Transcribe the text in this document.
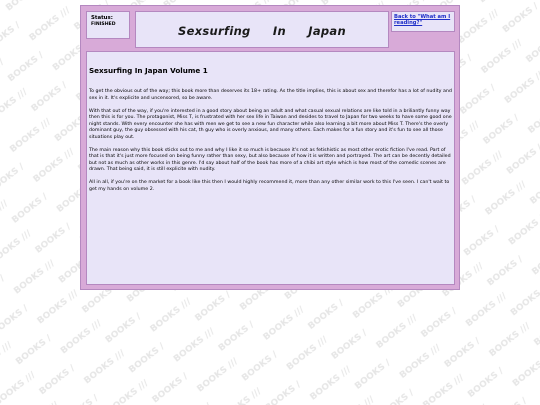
Status:
FINISHED	Sexsurfing In Japan
Back to "What am I reading?"
Sexsurfing In Japan Volume 1

To get the obvious out of the way; this book more than deserves its 18+ rating. As the title implies, this is about sex and therefor has a lot of nudity and sex in it. It's explicite and uncensored, so be aware.

With that out of the way, if you're interested in a good story about being an adult and what casual sexual relations are like told in a briliantly funny way then this is for you. The protagonist, Miss T, is frustrated with her sex life in Taiwan and desides to travel to Japan for two weeks to have some good one night stands. With every encounter she has with men we get to see a new fun character while also learning a bit more about Miss T. There's the overly dominant guy, the guy obsessed with his cat, th guy who is overly anxious, and many others. Each makes for a fun story and it's fun to see all those situations play out.

The main reason why this book sticks out to me and why I like it so much is because it's not as fetishistic as most other erotic fiction I've read. Part of that is that it's just more focused on being funny rather than sexy, but also because of how it is written and portrayed. The art can be decently detailed but not as much as other works in this genre. I'd say about half of the book has more of a chibi art style which is how most of the comedic scenes are drawn. That being said, it is still explicite with nudity.

All in all, if you're on the market for a book like this then I would highly recommend it, more than any other similar work to this I've seen. I can't wait to get my hands on volume 2.
